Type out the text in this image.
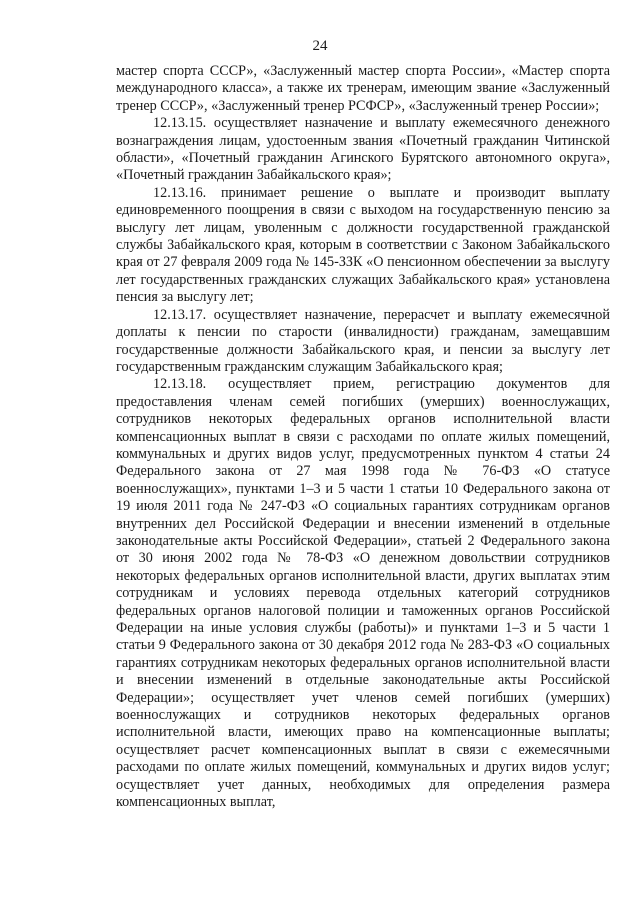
24

мастер спорта СССР», «Заслуженный мастер спорта России», «Мастер спорта международного класса», а также их тренерам, имеющим звание «Заслуженный тренер СССР», «Заслуженный тренер РСФСР», «Заслуженный тренер России»;

12.13.15. осуществляет назначение и выплату ежемесячного денежного вознаграждения лицам, удостоенным звания «Почетный гражданин Читинской области», «Почетный гражданин Агинского Бурятского автономного округа», «Почетный гражданин Забайкальского края»;

12.13.16. принимает решение о выплате и производит выплату единовременного поощрения в связи с выходом на государственную пенсию за выслугу лет лицам, уволенным с должности государственной гражданской службы Забайкальского края, которым в соответствии с Законом Забайкальского края от 27 февраля 2009 года № 145-ЗЗК «О пенсионном обеспечении за выслугу лет государственных гражданских служащих Забайкальского края» установлена пенсия за выслугу лет;

12.13.17. осуществляет назначение, перерасчет и выплату ежемесячной доплаты к пенсии по старости (инвалидности) гражданам, замещавшим государственные должности Забайкальского края, и пенсии за выслугу лет государственным гражданским служащим Забайкальского края;

12.13.18. осуществляет прием, регистрацию документов для предоставления членам семей погибших (умерших) военнослужащих, сотрудников некоторых федеральных органов исполнительной власти компенсационных выплат в связи с расходами по оплате жилых помещений, коммунальных и других видов услуг, предусмотренных пунктом 4 статьи 24 Федерального закона от 27 мая 1998 года № 76-ФЗ «О статусе военнослужащих», пунктами 1–3 и 5 части 1 статьи 10 Федерального закона от 19 июля 2011 года № 247-ФЗ «О социальных гарантиях сотрудникам органов внутренних дел Российской Федерации и внесении изменений в отдельные законодательные акты Российской Федерации», статьей 2 Федерального закона от 30 июня 2002 года № 78-ФЗ «О денежном довольствии сотрудников некоторых федеральных органов исполнительной власти, других выплатах этим сотрудникам и условиях перевода отдельных категорий сотрудников федеральных органов налоговой полиции и таможенных органов Российской Федерации на иные условия службы (работы)» и пунктами 1–3 и 5 части 1 статьи 9 Федерального закона от 30 декабря 2012 года № 283-ФЗ «О социальных гарантиях сотрудникам некоторых федеральных органов исполнительной власти и внесении изменений в отдельные законодательные акты Российской Федерации»; осуществляет учет членов семей погибших (умерших) военнослужащих и сотрудников некоторых федеральных органов исполнительной власти, имеющих право на компенсационные выплаты; осуществляет расчет компенсационных выплат в связи с ежемесячными расходами по оплате жилых помещений, коммунальных и других видов услуг; осуществляет учет данных, необходимых для определения размера компенсационных выплат,
